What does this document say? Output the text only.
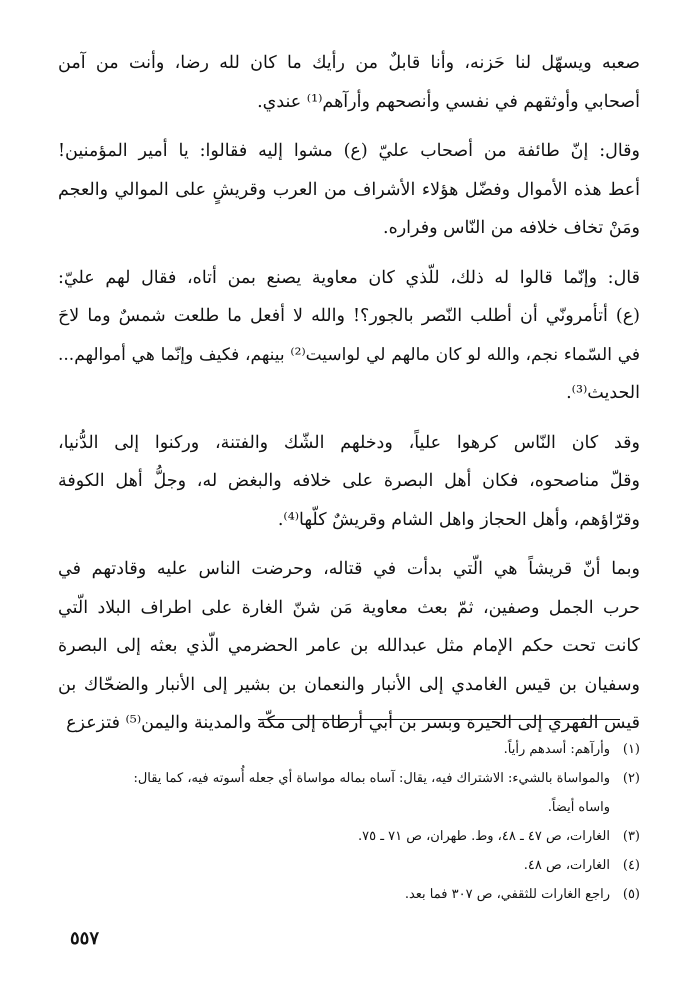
صعبه ويسهّل لنا حَزنه، وأنا قابلٌ من رأيك ما كان لله رضا، وأنت من آمن
أصحابي وأوثقهم في نفسي وأنصحهم وأرآهم⁽¹⁾ عندي.

وقال: إنّ طائفة من أصحاب عليّ (ع) مشوا إليه فقالوا: يا أمير المؤمنين!
أعط هذه الأموال وفضّل هؤلاء الأشراف من العرب وقريشٍ على الموالي والعجم
ومَنْ تخاف خلافه من النّاس وفراره.

قال: وإنّما قالوا له ذلك، للّذي كان معاوية يصنع بمن أتاه، فقال لهم عليّ:
(ع) أتأمرونّي أن أطلب النّصر بالجور؟! والله لا أفعل ما طلعت شمسٌ وما لاحَ
في السّماء نجم، والله لو كان مالهم لي لواسيت⁽²⁾ بينهم، فكيف وإنّما هي أموالهم...
الحديث⁽³⁾.

وقد كان النّاس كرهوا علياً، ودخلهم الشّك والفتنة، وركنوا إلى الدُّنيا،
وقلّ مناصحوه، فكان أهل البصرة على خلافه والبغض له، وجلُّ أهل الكوفة
وقرّاؤهم، وأهل الحجاز واهل الشام وقريشٌ كلّها⁽⁴⁾.

وبما أنّ قريشاً هي الّتي بدأت في قتاله، وحرضت الناس عليه وقادتهم في
حرب الجمل وصفين، ثمّ بعث معاوية مَن شنّ الغارة على اطراف البلاد الّتي
كانت تحت حكم الإمام مثل عبدالله بن عامر الحضرمي الّذي بعثه إلى البصرة
وسفيان بن قيس الغامدي إلى الأنبار والنعمان بن بشير إلى الأنبار والضحّاك بن
قيس الفهري إلى الحيرة وبسر بن أبي أرطاة إلى مكّة والمدينة واليمن⁽⁵⁾ فتزعزع

(١)
وأرآهم: أسدهم رأياً.
(٢)
والمواساة بالشيء: الاشتراك فيه، يقال: آساه بماله مواساة أي جعله أُسوته فيه، كما يقال:
واساه أيضاً.
(٣)
الغارات، ص ٤٧ ـ ٤٨، وط. طهران، ص ٧١ ـ ٧٥.
(٤)
الغارات، ص ٤٨.
(٥)
راجع الغارات للثقفي، ص ٣٠٧ فما بعد.
٥٥٧
